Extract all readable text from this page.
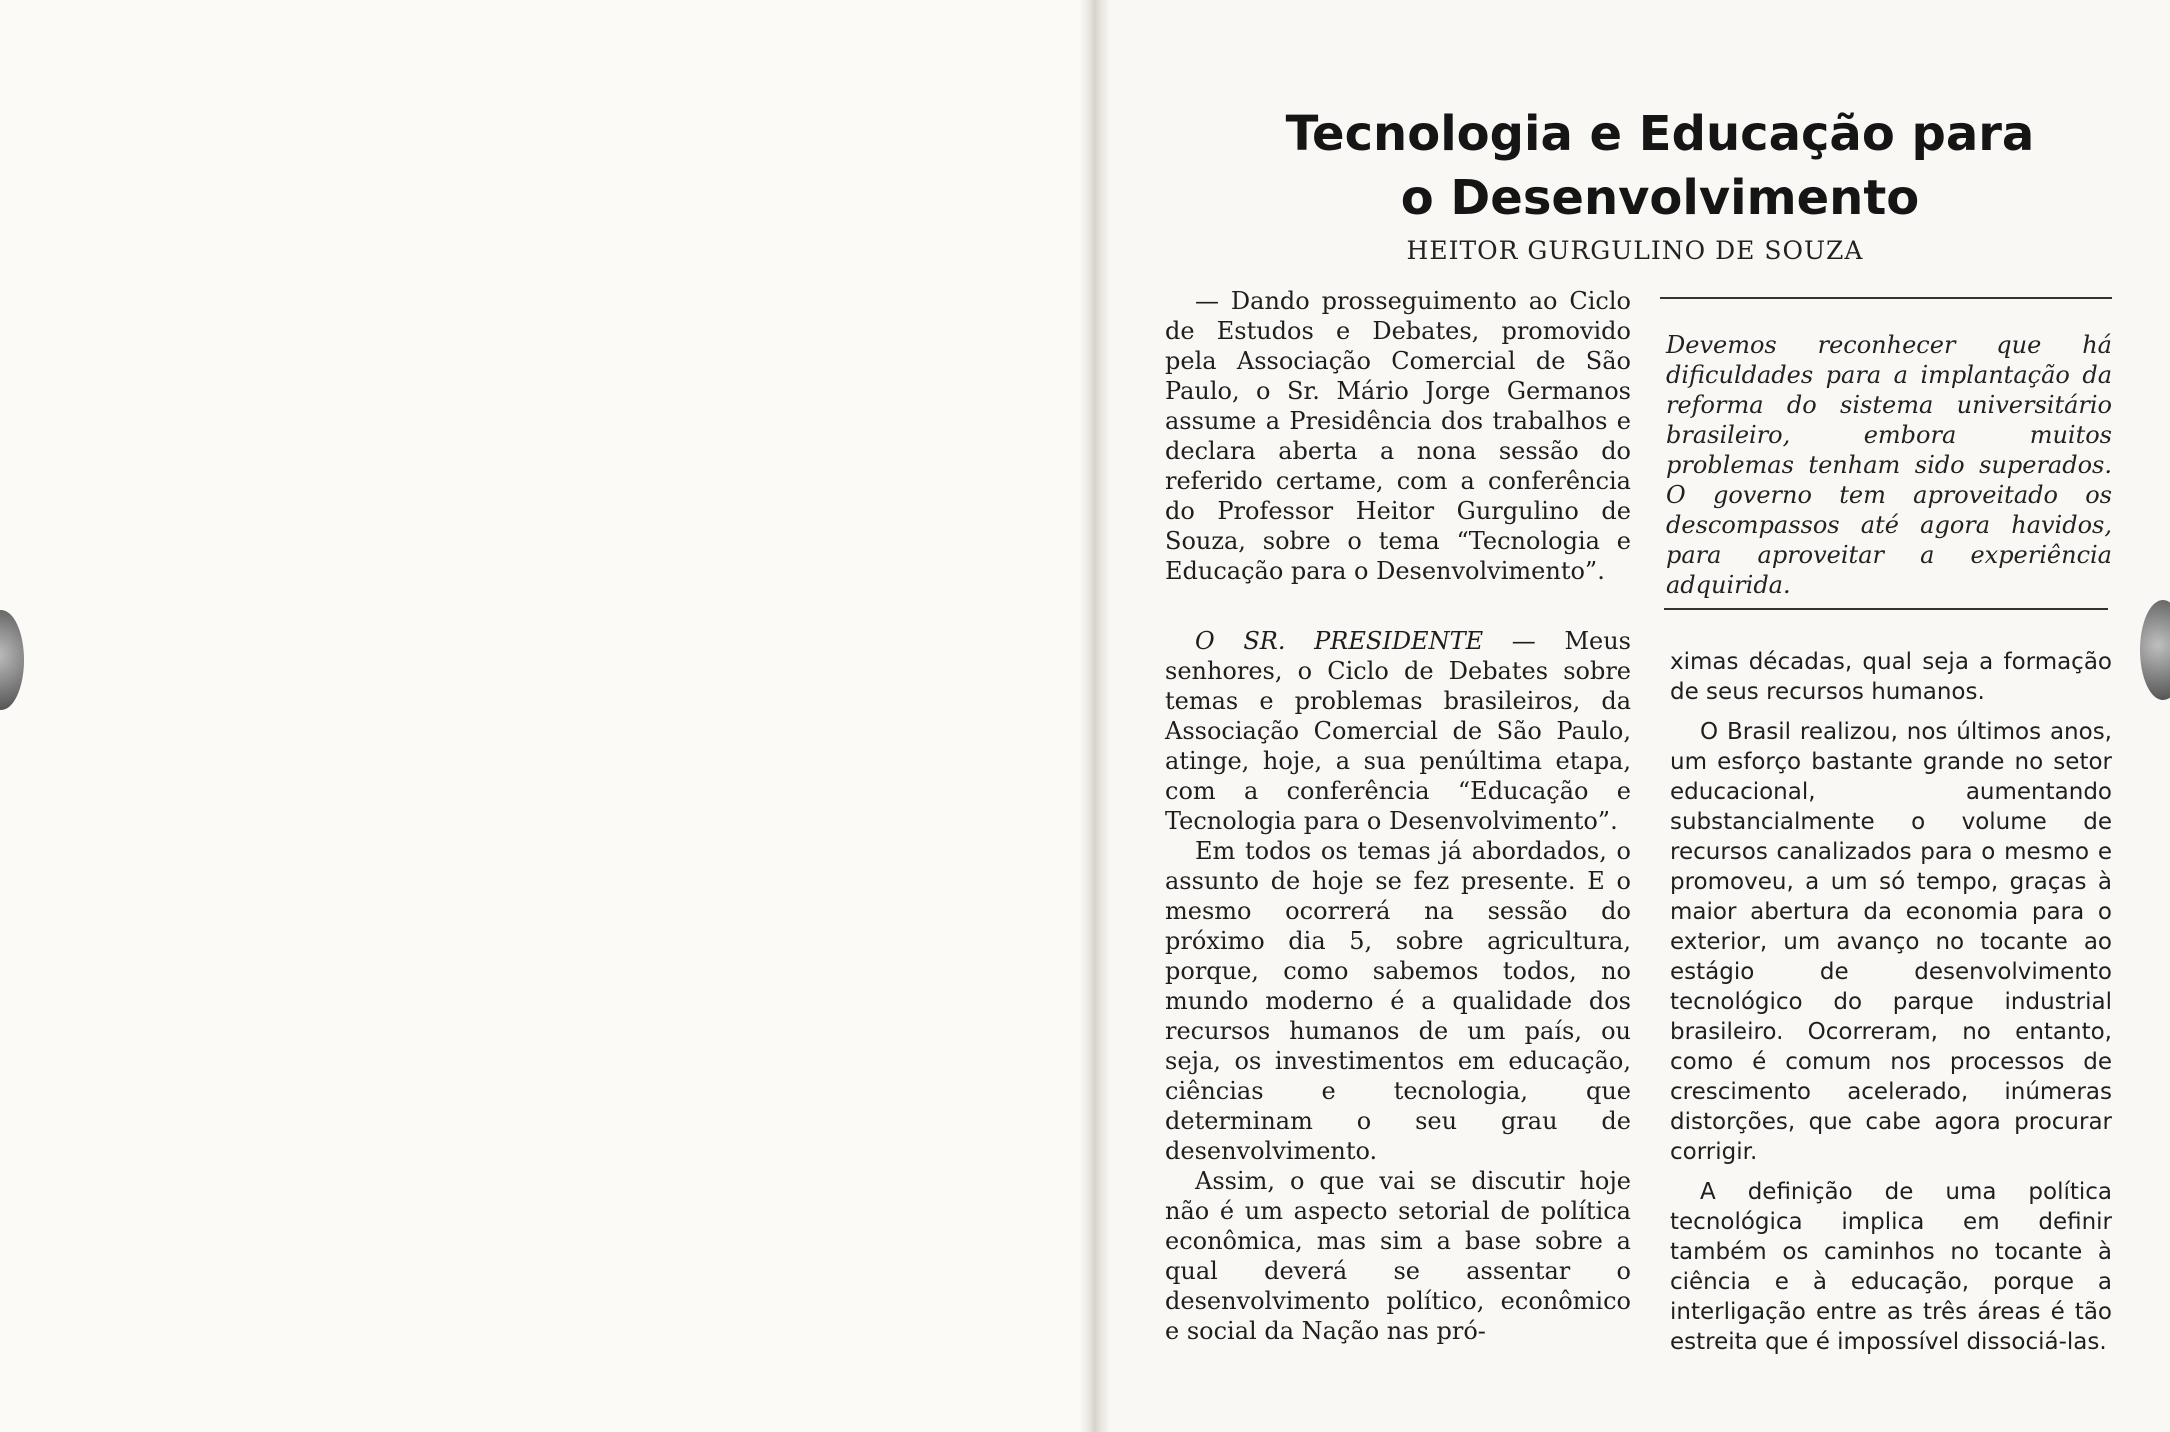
Tecnologia e Educação para
o Desenvolvimento
HEITOR GURGULINO DE SOUZA

— Dando prosseguimento ao Ciclo de Estudos e Debates, promovido pela Associação Comercial de São Paulo, o Sr. Mário Jorge Germanos assume a Presidência dos trabalhos e declara aberta a nona sessão do referido certame, com a conferência do Professor Heitor Gurgulino de Souza, sobre o tema “Tecnologia e Educação para o Desenvolvimento”.

O SR. PRESIDENTE — Meus senhores, o Ciclo de Debates sobre temas e problemas brasileiros, da Associação Comercial de São Paulo, atinge, hoje, a sua penúltima etapa, com a conferência “Educação e Tecnologia para o Desenvolvimento”.

Em todos os temas já abordados, o assunto de hoje se fez presente. E o mesmo ocorrerá na sessão do próximo dia 5, sobre agricultura, porque, como sabemos todos, no mundo moderno é a qualidade dos recursos humanos de um país, ou seja, os investimentos em educação, ciências e tecnologia, que determinam o seu grau de desenvolvimento.

Assim, o que vai se discutir hoje não é um aspecto setorial de política econômica, mas sim a base sobre a qual deverá se assentar o desenvolvimento político, econômico e social da Nação nas pró-

Devemos reconhecer que há dificuldades para a implantação da reforma do sistema universitário brasileiro, embora muitos problemas tenham sido superados. O governo tem aproveitado os descompassos até agora havidos, para aproveitar a experiência adquirida.

ximas décadas, qual seja a formação de seus recursos humanos.

O Brasil realizou, nos últimos anos, um esforço bastante grande no setor educacional, aumentando substancialmente o volume de recursos canalizados para o mesmo e promoveu, a um só tempo, graças à maior abertura da economia para o exterior, um avanço no tocante ao estágio de desenvolvimento tecnológico do parque industrial brasileiro. Ocorreram, no entanto, como é comum nos processos de crescimento acelerado, inúmeras distorções, que cabe agora procurar corrigir.

A definição de uma política tecnológica implica em definir também os caminhos no tocante à ciência e à educação, porque a interligação entre as três áreas é tão estreita que é impossível dissociá-las.
